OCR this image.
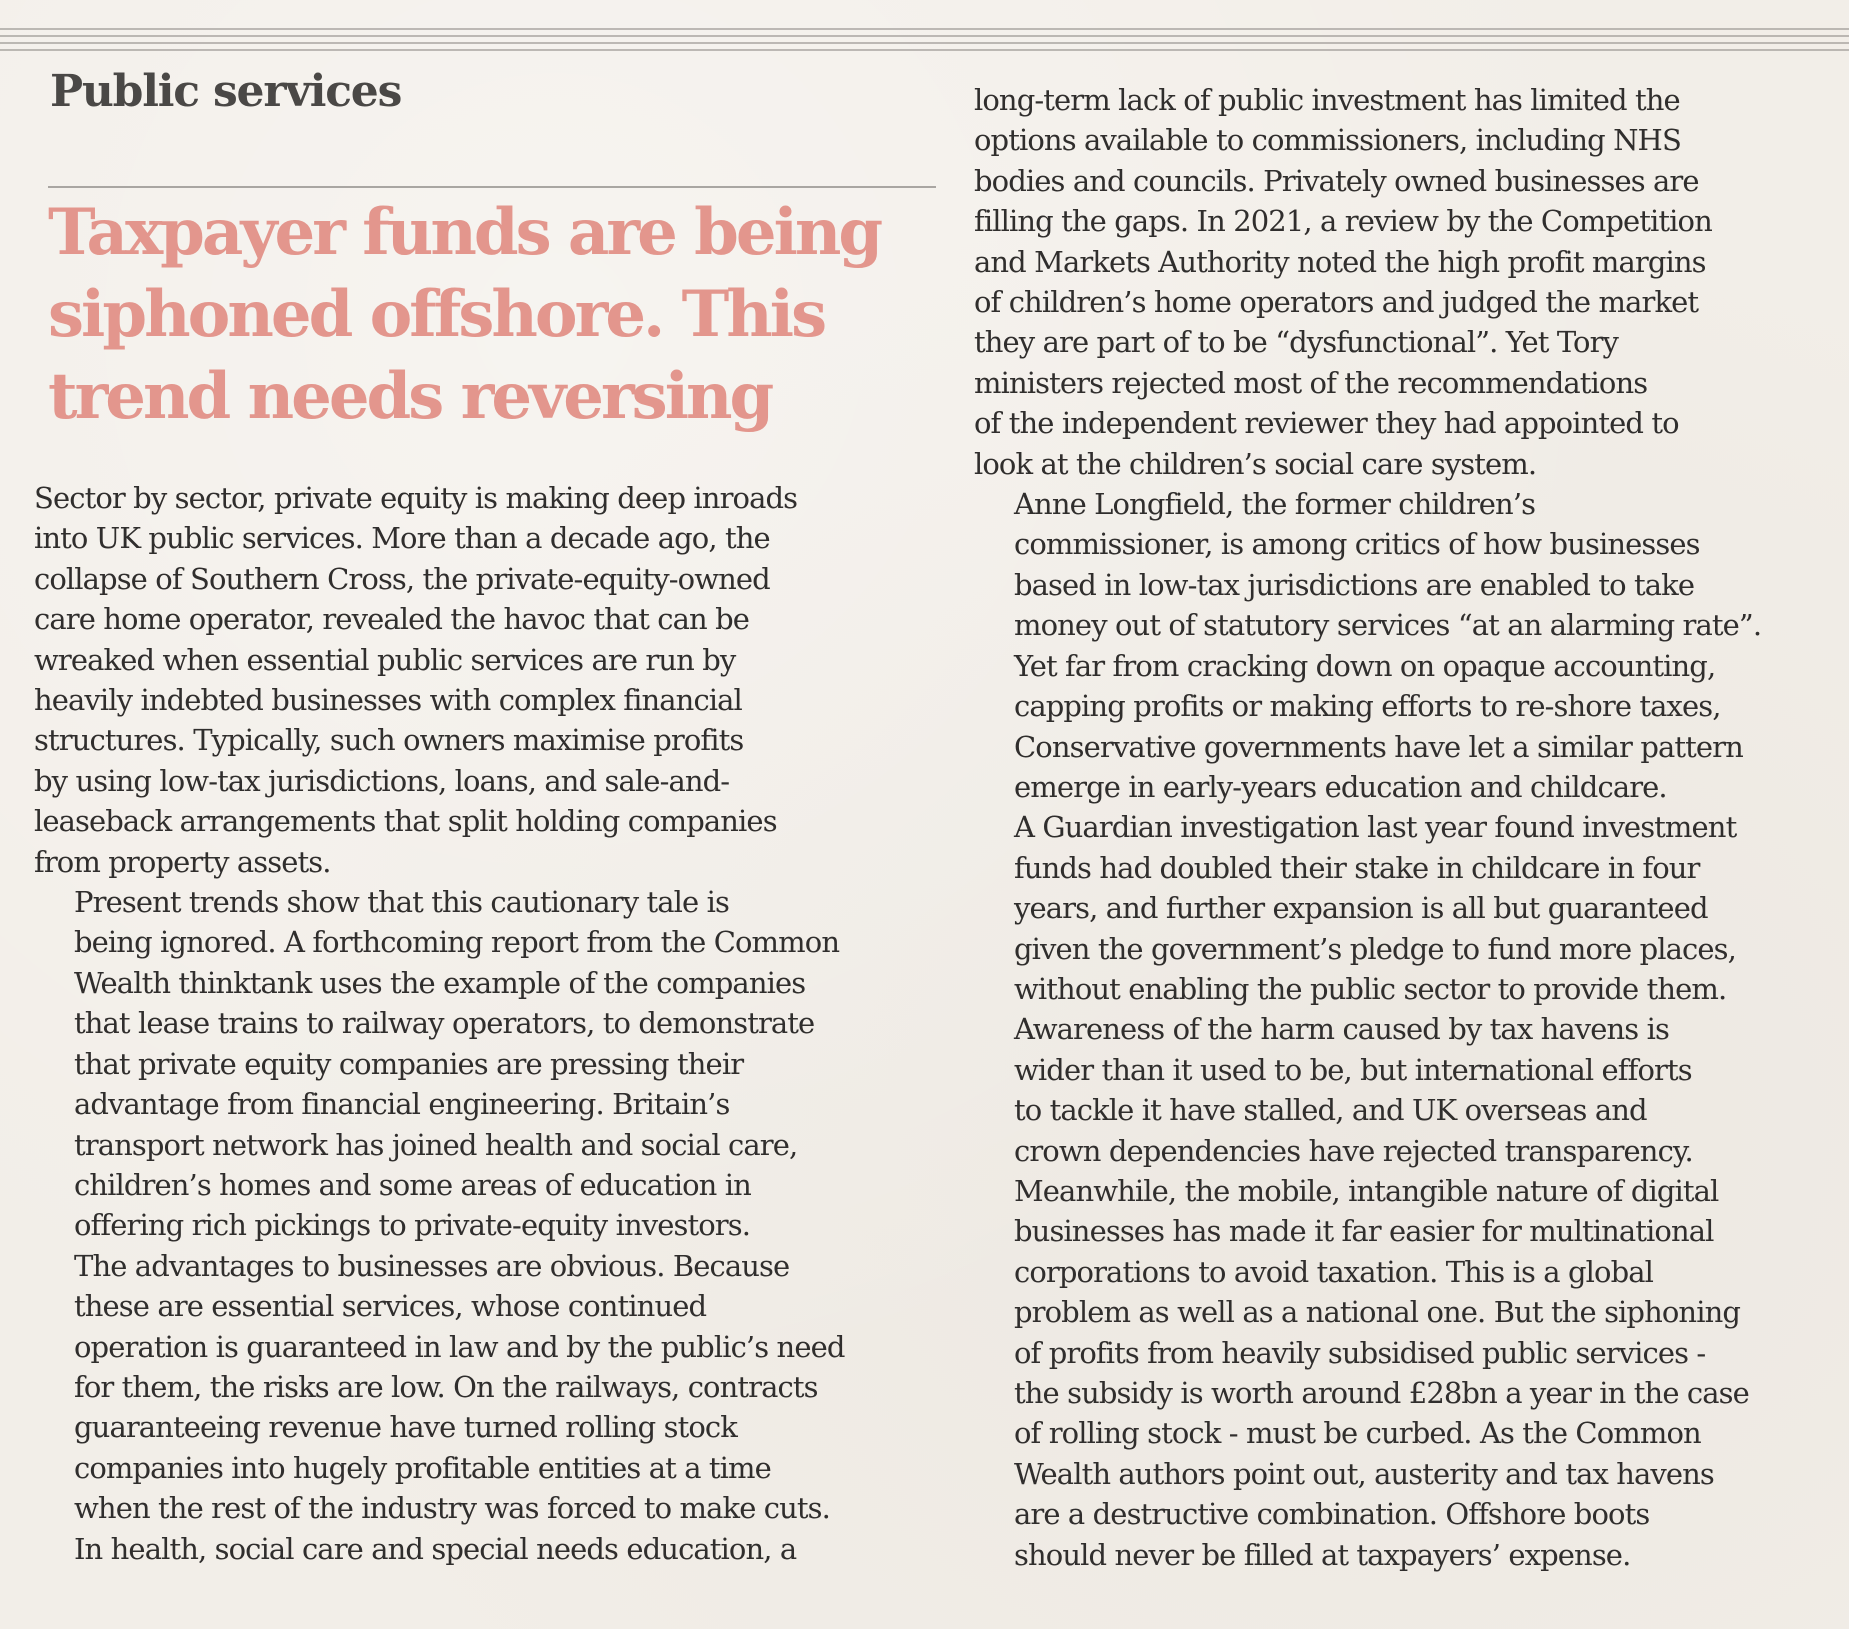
Public services
Taxpayer funds are being
siphoned offshore. This
trend needs reversing

Sector by sector, private equity is making deep inroads
into UK public services. More than a decade ago, the
collapse of Southern Cross, the private-equity-owned
care home operator, revealed the havoc that can be
wreaked when essential public services are run by
heavily indebted businesses with complex financial
structures. Typically, such owners maximise profits
by using low-tax jurisdictions, loans, and sale-and-
leaseback arrangements that split holding companies
from property assets.

Present trends show that this cautionary tale is
being ignored. A forthcoming report from the Common
Wealth thinktank uses the example of the companies
that lease trains to railway operators, to demonstrate
that private equity companies are pressing their
advantage from financial engineering. Britain’s
transport network has joined health and social care,
children’s homes and some areas of education in
offering rich pickings to private-equity investors.

The advantages to businesses are obvious. Because
these are essential services, whose continued
operation is guaranteed in law and by the public’s need
for them, the risks are low. On the railways, contracts
guaranteeing revenue have turned rolling stock
companies into hugely profitable entities at a time
when the rest of the industry was forced to make cuts.

In health, social care and special needs education, a

long-term lack of public investment has limited the
options available to commissioners, including NHS
bodies and councils. Privately owned businesses are
filling the gaps. In 2021, a review by the Competition
and Markets Authority noted the high profit margins
of children’s home operators and judged the market
they are part of to be “dysfunctional”. Yet Tory
ministers rejected most of the recommendations
of the independent reviewer they had appointed to
look at the children’s social care system.

Anne Longfield, the former children’s
commissioner, is among critics of how businesses
based in low-tax jurisdictions are enabled to take
money out of statutory services “at an alarming rate”.
Yet far from cracking down on opaque accounting,
capping profits or making efforts to re-shore taxes,
Conservative governments have let a similar pattern
emerge in early-years education and childcare.
A Guardian investigation last year found investment
funds had doubled their stake in childcare in four
years, and further expansion is all but guaranteed
given the government’s pledge to fund more places,
without enabling the public sector to provide them.

Awareness of the harm caused by tax havens is
wider than it used to be, but international efforts
to tackle it have stalled, and UK overseas and
crown dependencies have rejected transparency.
Meanwhile, the mobile, intangible nature of digital
businesses has made it far easier for multinational
corporations to avoid taxation. This is a global
problem as well as a national one. But the siphoning
of profits from heavily subsidised public services -
the subsidy is worth around £28bn a year in the case
of rolling stock - must be curbed. As the Common
Wealth authors point out, austerity and tax havens
are a destructive combination. Offshore boots
should never be filled at taxpayers’ expense.
